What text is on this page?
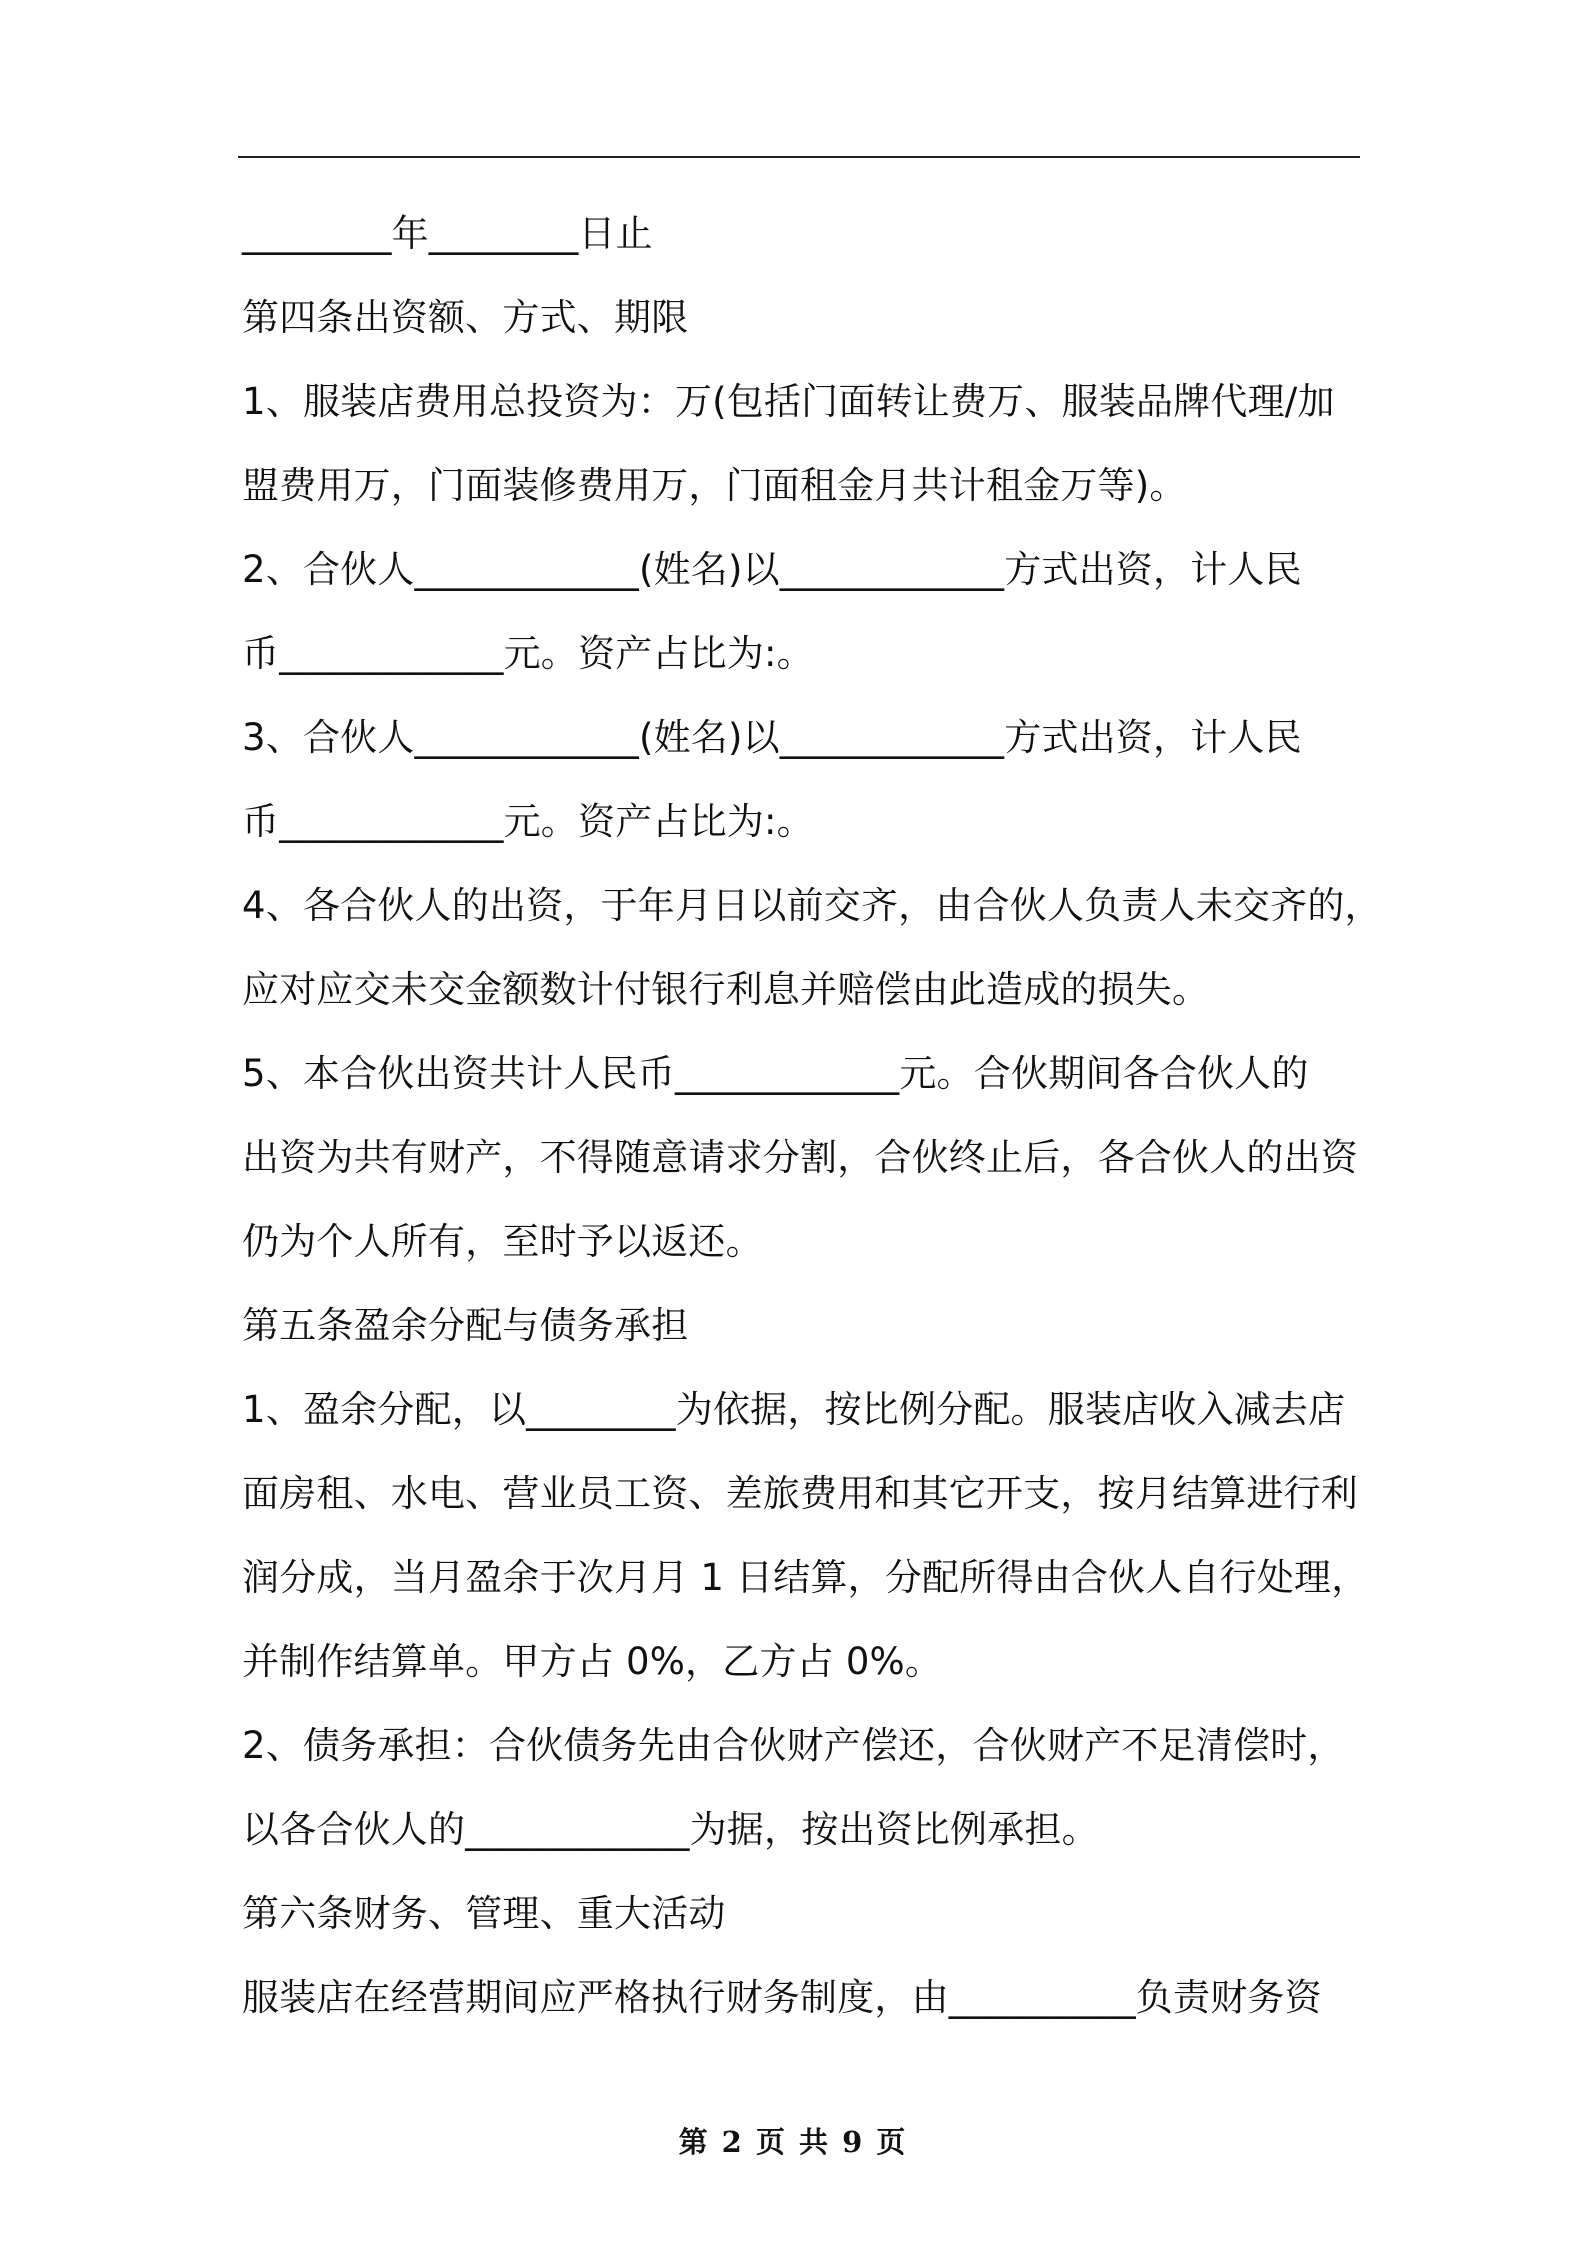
________年________日止
第四条出资额、方式、期限
1、服装店费用总投资为：万(包括门面转让费万、服装品牌代理/加
盟费用万，门面装修费用万，门面租金月共计租金万等)。
2、合伙人____________(姓名)以____________方式出资，计人民
币____________元。资产占比为:。
3、合伙人____________(姓名)以____________方式出资，计人民
币____________元。资产占比为:。
4、各合伙人的出资，于年月日以前交齐，由合伙人负责人未交齐的，
应对应交未交金额数计付银行利息并赔偿由此造成的损失。
5、本合伙出资共计人民币____________元。合伙期间各合伙人的
出资为共有财产，不得随意请求分割，合伙终止后，各合伙人的出资
仍为个人所有，至时予以返还。
第五条盈余分配与债务承担
1、盈余分配，以________为依据，按比例分配。服装店收入减去店
面房租、水电、营业员工资、差旅费用和其它开支，按月结算进行利
润分成，当月盈余于次月月 1 日结算，分配所得由合伙人自行处理，
并制作结算单。甲方占 0%，乙方占 0%。
2、债务承担：合伙债务先由合伙财产偿还，合伙财产不足清偿时，
以各合伙人的____________为据，按出资比例承担。
第六条财务、管理、重大活动
服装店在经营期间应严格执行财务制度，由__________负责财务资
第 2 页 共 9 页
